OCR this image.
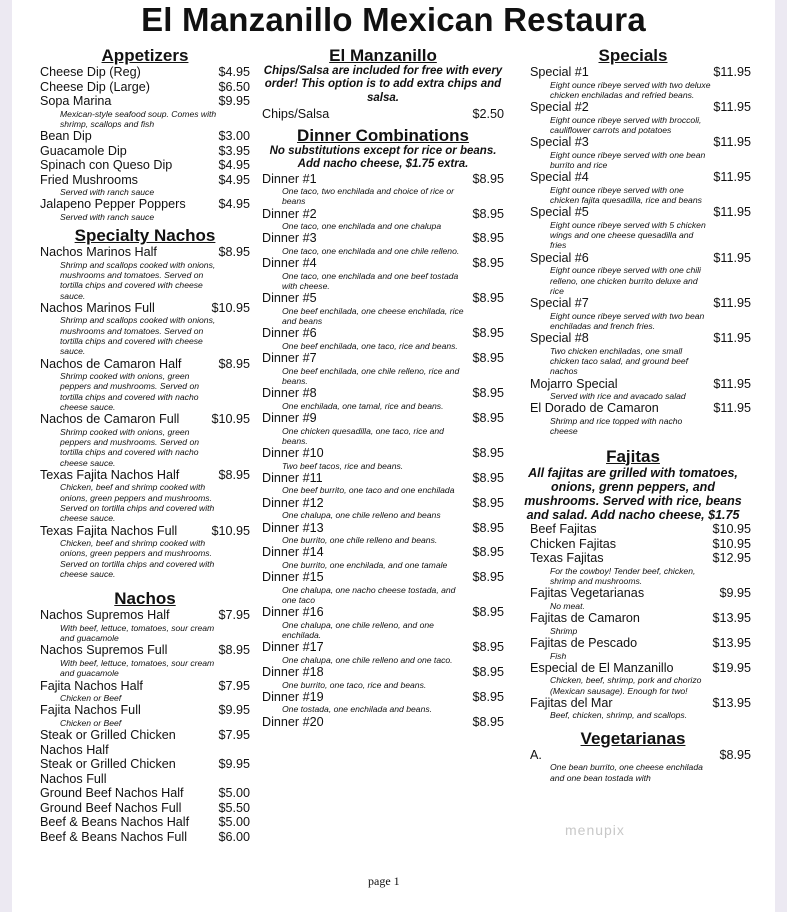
El Manzanillo Mexican Restaura
Appetizers
Cheese Dip (Reg)	$4.95
Cheese Dip (Large)	$6.50
Sopa Marina	$9.95
Mexican-style seafood soup. Comes with shrimp, scallops and fish
Bean Dip	$3.00
Guacamole Dip	$3.95
Spinach con Queso Dip	$4.95
Fried Mushrooms	$4.95
Served with ranch sauce
Jalapeno Pepper Poppers	$4.95
Served with ranch sauce
Specialty Nachos
Nachos Marinos Half	$8.95
Shrimp and scallops cooked with onions, mushrooms and tomatoes. Served on tortilla chips and covered with cheese sauce.
Nachos Marinos Full	$10.95
Shrimp and scallops cooked with onions, mushrooms and tomatoes. Served on tortilla chips and covered with cheese sauce.
Nachos de Camaron Half	$8.95
Shrimp cooked with onions, green peppers and mushrooms. Served on tortilla chips and covered with nacho cheese sauce.
Nachos de Camaron Full	$10.95
Shrimp cooked with onions, green peppers and mushrooms. Served on tortilla chips and covered with nacho cheese sauce.
Texas Fajita Nachos Half	$8.95
Chicken, beef and shrimp cooked with onions, green peppers and mushrooms. Served on tortilla chips and covered with cheese sauce.
Texas Fajita Nachos Full	$10.95
Chicken, beef and shrimp cooked with onions, green peppers and mushrooms. Served on tortilla chips and covered with cheese sauce.
Nachos
Nachos Supremos Half	$7.95
With beef, lettuce, tomatoes, sour cream and guacamole
Nachos Supremos Full	$8.95
With beef, lettuce, tomatoes, sour cream and guacamole
Fajita Nachos Half	$7.95
Chicken or Beef
Fajita Nachos Full	$9.95
Chicken or Beef
Steak or Grilled Chicken	$7.95
Nachos Half
Steak or Grilled Chicken	$9.95
Nachos Full
Ground Beef Nachos Half	$5.00
Ground Beef Nachos Full	$5.50
Beef & Beans Nachos Half $5.00
Beef & Beans Nachos Full $6.00
El Manzanillo
Chips/Salsa are included for free with every order! This option is to add extra chips and salsa.
Chips/Salsa	$2.50
Dinner Combinations
No substitutions except for rice or beans. Add nacho cheese, $1.75 extra.
Dinner #1	$8.95
One taco, two enchilada and choice of rice or beans
Dinner #2	$8.95
One taco, one enchilada and one chalupa
Dinner #3	$8.95
One taco, one enchilada and one chile relleno.
Dinner #4	$8.95
One taco, one enchilada and one beef tostada with cheese.
Dinner #5	$8.95
One beef enchilada, one cheese enchilada, rice and beans
Dinner #6	$8.95
One beef enchilada, one taco, rice and beans.
Dinner #7	$8.95
One beef enchilada, one chile relleno, rice and beans.
Dinner #8	$8.95
One enchilada, one tamal, rice and beans.
Dinner #9	$8.95
One chicken quesadilla, one taco, rice and beans.
Dinner #10	$8.95
Two beef tacos, rice and beans.
Dinner #11	$8.95
One beef burrito, one taco and one enchilada
Dinner #12	$8.95
One chalupa, one chile relleno and beans
Dinner #13	$8.95
One burrito, one chile relleno and beans.
Dinner #14	$8.95
One burrito, one enchilada, and one tamale
Dinner #15	$8.95
One chalupa, one nacho cheese tostada, and one taco
Dinner #16	$8.95
One chalupa, one chile relleno, and one enchilada.
Dinner #17	$8.95
One chalupa, one chile relleno and one taco.
Dinner #18	$8.95
One burrito, one taco, rice and beans.
Dinner #19	$8.95
One tostada, one enchilada and beans.
Dinner #20	$8.95
Specials
Special #1	$11.95
Eight ounce ribeye served with two deluxe chicken enchiladas and refried beans.
Special #2	$11.95
Eight ounce ribeye served with broccoli, cauliflower carrots and potatoes
Special #3	$11.95
Eight ounce ribeye served with one bean burrito and rice
Special #4	$11.95
Eight ounce ribeye served with one chicken fajita quesadilla, rice and beans
Special #5	$11.95
Eight ounce ribeye served with 5 chicken wings and one cheese quesadilla and fries
Special #6	$11.95
Eight ounce ribeye served with one chili relleno, one chicken burrito deluxe and rice
Special #7	$11.95
Eight ounce ribeye served with two bean enchiladas and french fries.
Special #8	$11.95
Two chicken enchiladas, one small chicken taco salad, and ground beef nachos
Mojarro Special	$11.95
Served with rice and avacado salad
El Dorado de Camaron	$11.95
Shrimp and rice topped with nacho cheese
Fajitas
All fajitas are grilled with tomatoes, onions, grenn peppers, and mushrooms. Served with rice, beans and salad. Add nacho cheese, $1.75
Beef Fajitas	$10.95
Chicken Fajitas	$10.95
Texas Fajitas	$12.95
For the cowboy! Tender beef, chicken, shrimp and mushrooms.
Fajitas Vegetarianas	$9.95
No meat.
Fajitas de Camaron	$13.95
Shrimp
Fajitas de Pescado	$13.95
Fish
Especial de El Manzanillo	$19.95
Chicken, beef, shrimp, pork and chorizo (Mexican sausage). Enough for two!
Fajitas del Mar	$13.95
Beef, chicken, shrimp, and scallops.
Vegetarianas
A.	$8.95
One bean burrito, one cheese enchilada and one bean tostada with
page 1
menupix
